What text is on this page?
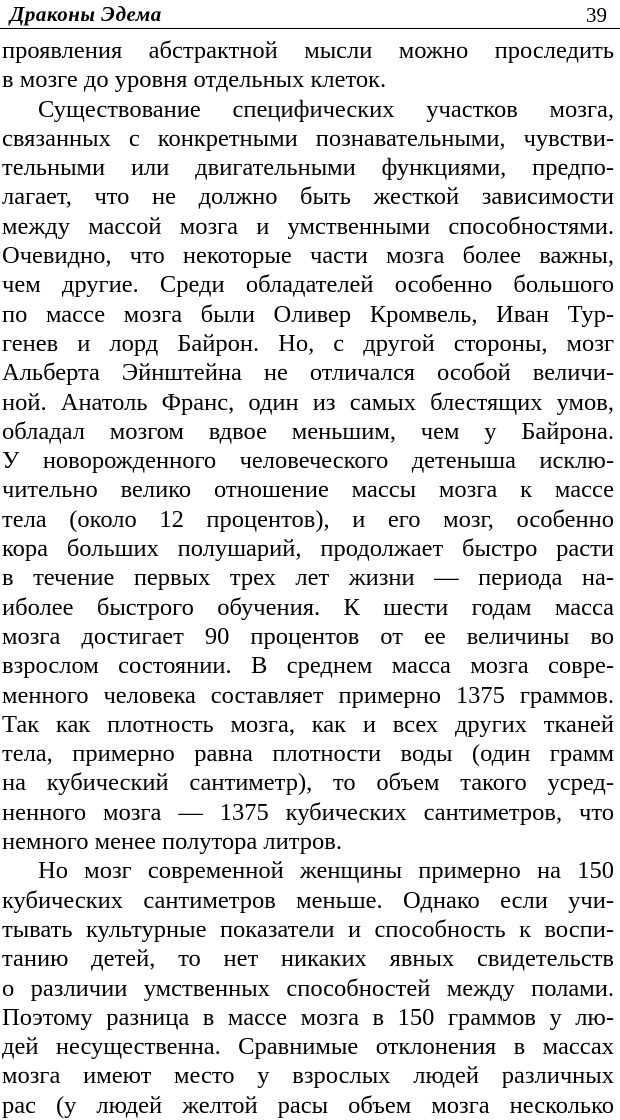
Драконы Эдема	39
проявления абстрактной мысли можно проследить
в мозге до уровня отдельных клеток.
Существование специфических участков мозга,
связанных с конкретными познавательными, чувстви-
тельными или двигательными функциями, предпо-
лагает, что не должно быть жесткой зависимости
между массой мозга и умственными способностями.
Очевидно, что некоторые части мозга более важны,
чем другие. Среди обладателей особенно большого
по массе мозга были Оливер Кромвель, Иван Тур-
генев и лорд Байрон. Но, с другой стороны, мозг
Альберта Эйнштейна не отличался особой величи-
ной. Анатоль Франс, один из самых блестящих умов,
обладал мозгом вдвое меньшим, чем у Байрона.
У новорожденного человеческого детеныша исклю-
чительно велико отношение массы мозга к массе
тела (около 12 процентов), и его мозг, особенно
кора больших полушарий, продолжает быстро расти
в течение первых трех лет жизни — периода на-
иболее быстрого обучения. К шести годам масса
мозга достигает 90 процентов от ее величины во
взрослом состоянии. В среднем масса мозга совре-
менного человека составляет примерно 1375 граммов.
Так как плотность мозга, как и всех других тканей
тела, примерно равна плотности воды (один грамм
на кубический сантиметр), то объем такого усред-
ненного мозга — 1375 кубических сантиметров, что
немного менее полутора литров.
Но мозг современной женщины примерно на 150
кубических сантиметров меньше. Однако если учи-
тывать культурные показатели и способность к воспи-
танию детей, то нет никаких явных свидетельств
о различии умственных способностей между полами.
Поэтому разница в массе мозга в 150 граммов у лю-
дей несущественна. Сравнимые отклонения в массах
мозга имеют место у взрослых людей различных
рас (у людей желтой расы объем мозга несколько
